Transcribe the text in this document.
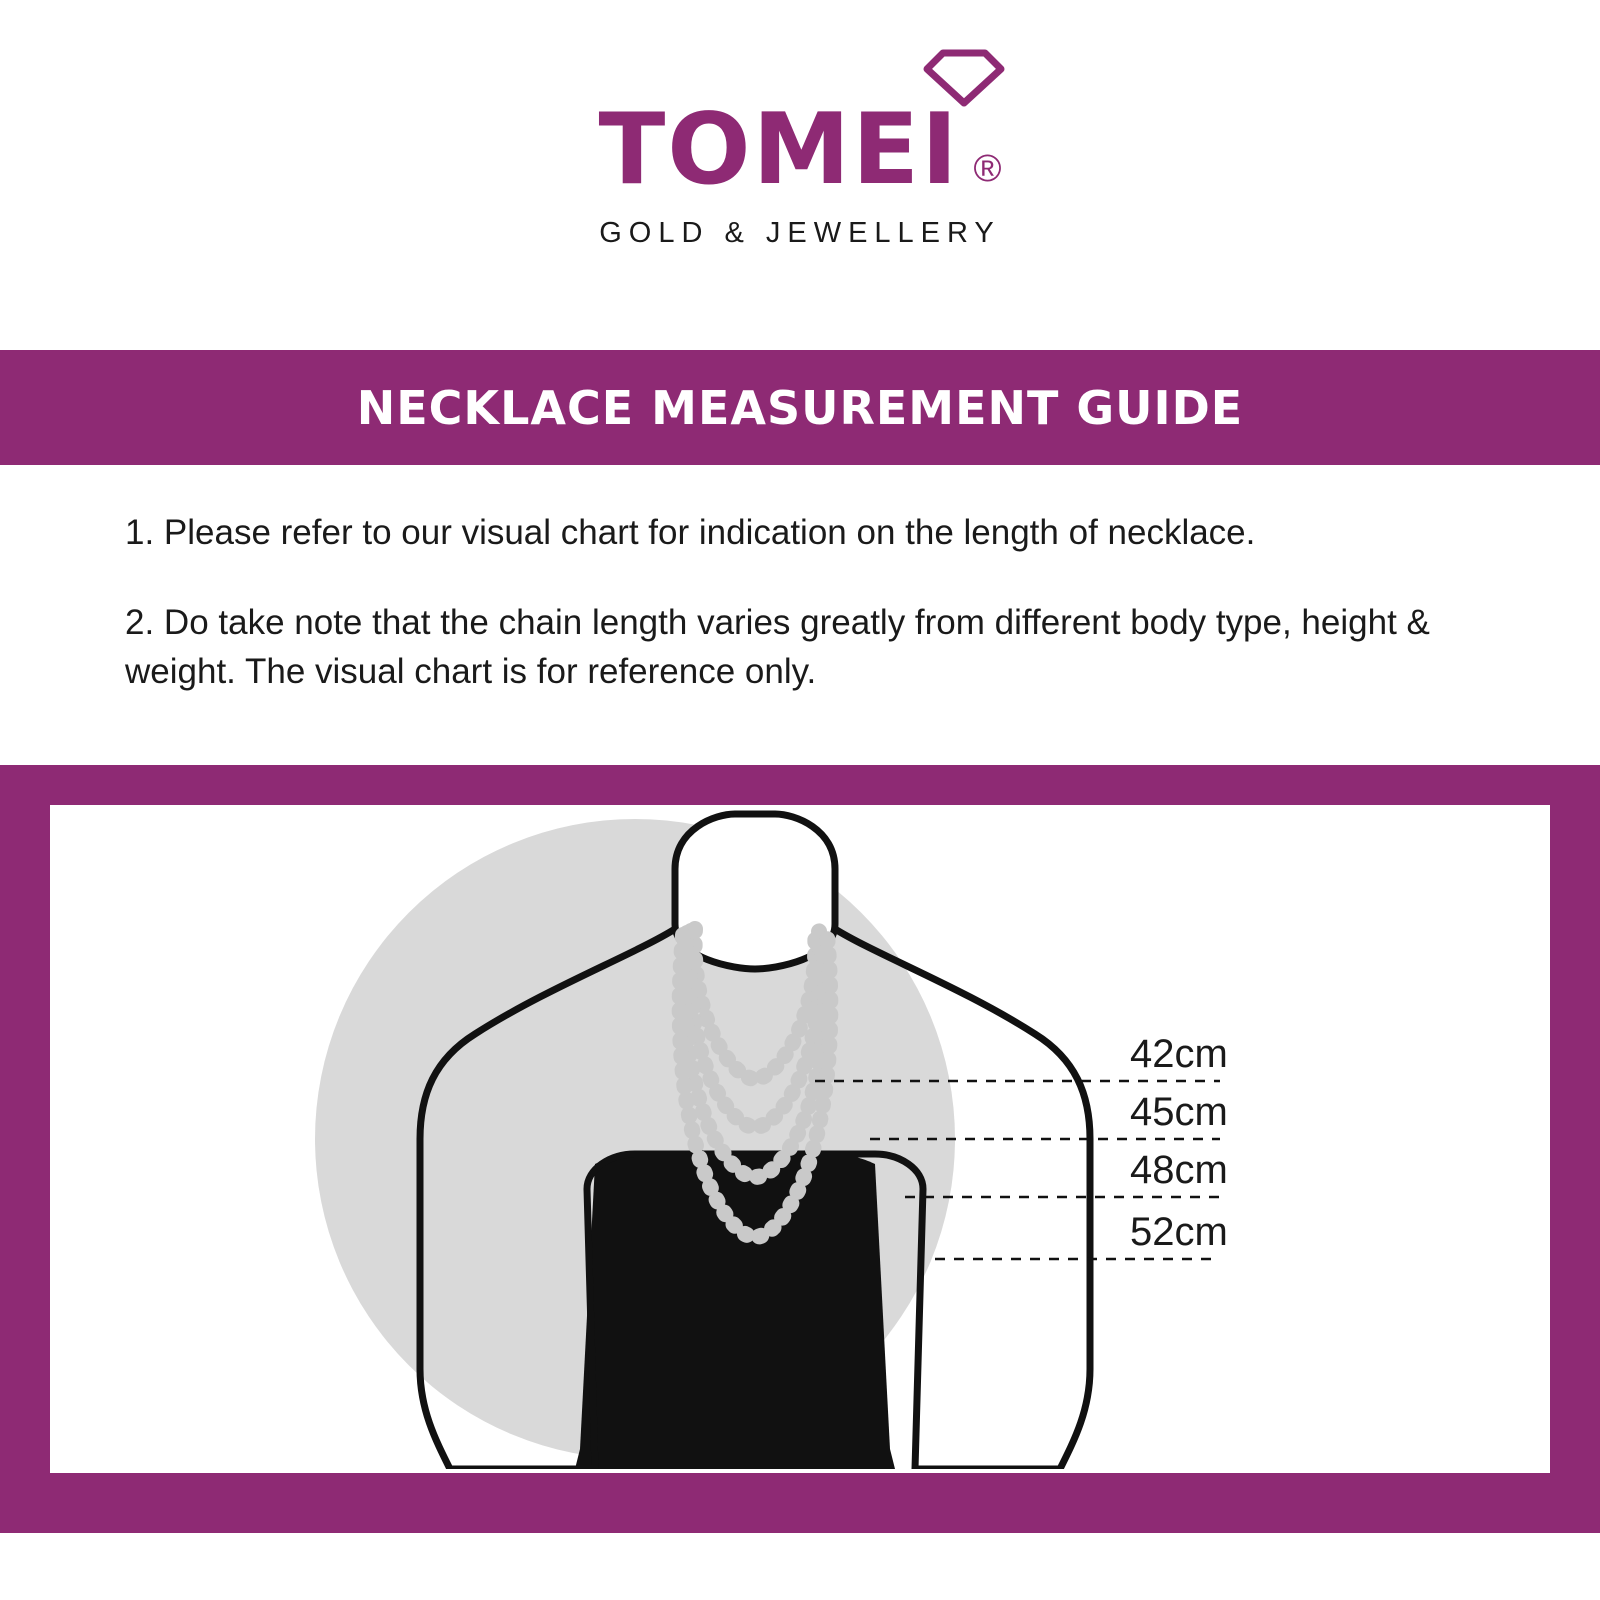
TOMEI ®
GOLD & JEWELLERY
NECKLACE MEASUREMENT GUIDE

1. Please refer to our visual chart for indication on the length of necklace.

2. Do take note that the chain length varies greatly from different body type, height & weight. The visual chart is for reference only.

42cm
45cm
48cm
52cm
